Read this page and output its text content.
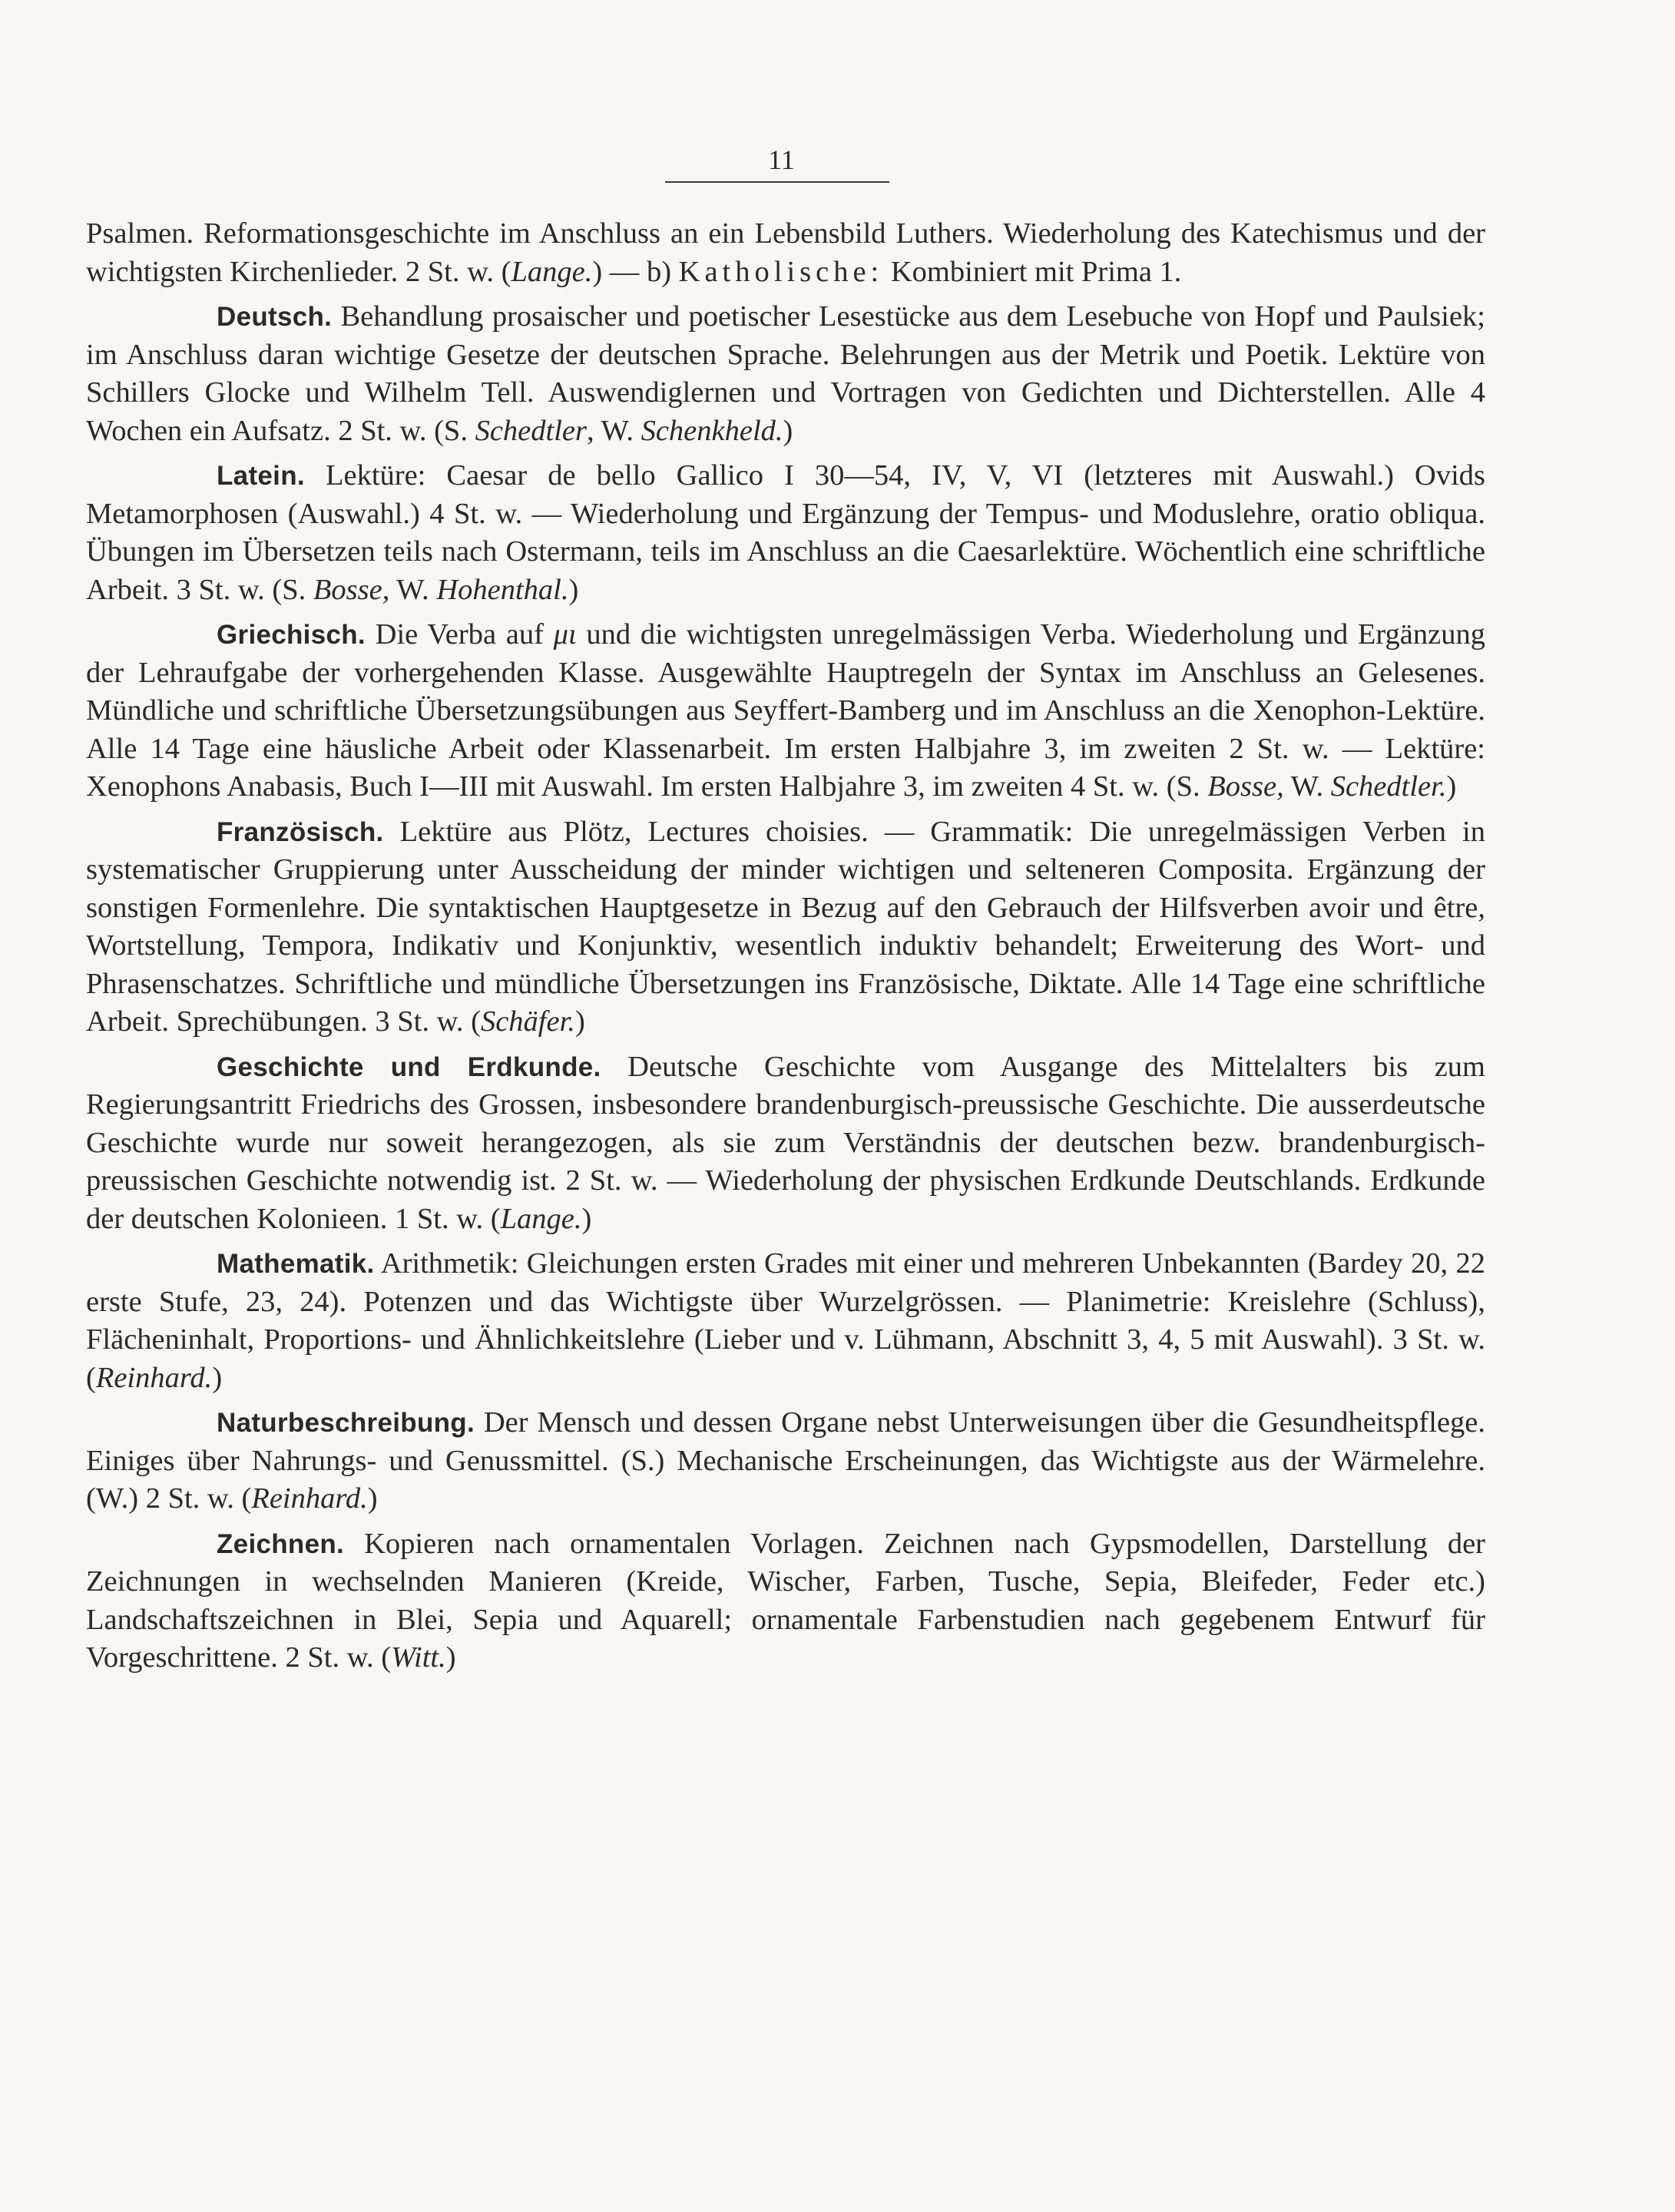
11

Psalmen. Reformationsgeschichte im Anschluss an ein Lebensbild Luthers. Wiederholung des Katechismus und der wichtigsten Kirchenlieder. 2 St. w. (Lange.) — b) Katholische: Kombiniert mit Prima 1.

Deutsch. Behandlung prosaischer und poetischer Lesestücke aus dem Lesebuche von Hopf und Paulsiek; im Anschluss daran wichtige Gesetze der deutschen Sprache. Belehrungen aus der Metrik und Poetik. Lektüre von Schillers Glocke und Wilhelm Tell. Auswendiglernen und Vortragen von Gedichten und Dichterstellen. Alle 4 Wochen ein Aufsatz. 2 St. w. (S. Schedtler, W. Schenkheld.)

Latein. Lektüre: Caesar de bello Gallico I 30—54, IV, V, VI (letzteres mit Auswahl.) Ovids Metamorphosen (Auswahl.) 4 St. w. — Wiederholung und Ergänzung der Tempus- und Moduslehre, oratio obliqua. Übungen im Übersetzen teils nach Ostermann, teils im Anschluss an die Caesarlektüre. Wöchentlich eine schriftliche Arbeit. 3 St. w. (S. Bosse, W. Hohenthal.)

Griechisch. Die Verba auf μι und die wichtigsten unregelmässigen Verba. Wiederholung und Ergänzung der Lehraufgabe der vorhergehenden Klasse. Ausgewählte Hauptregeln der Syntax im Anschluss an Gelesenes. Mündliche und schriftliche Übersetzungsübungen aus Seyffert-Bamberg und im Anschluss an die Xenophon-Lektüre. Alle 14 Tage eine häusliche Arbeit oder Klassenarbeit. Im ersten Halbjahre 3, im zweiten 2 St. w. — Lektüre: Xenophons Anabasis, Buch I—III mit Auswahl. Im ersten Halbjahre 3, im zweiten 4 St. w. (S. Bosse, W. Schedtler.)

Französisch. Lektüre aus Plötz, Lectures choisies. — Grammatik: Die unregelmässigen Verben in systematischer Gruppierung unter Ausscheidung der minder wichtigen und selteneren Composita. Ergänzung der sonstigen Formenlehre. Die syntaktischen Hauptgesetze in Bezug auf den Gebrauch der Hilfsverben avoir und être, Wortstellung, Tempora, Indikativ und Konjunktiv, wesentlich induktiv behandelt; Erweiterung des Wort- und Phrasenschatzes. Schriftliche und mündliche Übersetzungen ins Französische, Diktate. Alle 14 Tage eine schriftliche Arbeit. Sprechübungen. 3 St. w. (Schäfer.)

Geschichte und Erdkunde. Deutsche Geschichte vom Ausgange des Mittelalters bis zum Regierungsantritt Friedrichs des Grossen, insbesondere brandenburgisch-preussische Geschichte. Die ausserdeutsche Geschichte wurde nur soweit herangezogen, als sie zum Verständnis der deutschen bezw. brandenburgisch-preussischen Geschichte notwendig ist. 2 St. w. — Wiederholung der physischen Erdkunde Deutschlands. Erdkunde der deutschen Kolonieen. 1 St. w. (Lange.)

Mathematik. Arithmetik: Gleichungen ersten Grades mit einer und mehreren Unbekannten (Bardey 20, 22 erste Stufe, 23, 24). Potenzen und das Wichtigste über Wurzelgrössen. — Planimetrie: Kreislehre (Schluss), Flächeninhalt, Proportions- und Ähnlichkeitslehre (Lieber und v. Lühmann, Abschnitt 3, 4, 5 mit Auswahl). 3 St. w. (Reinhard.)

Naturbeschreibung. Der Mensch und dessen Organe nebst Unterweisungen über die Gesundheitspflege. Einiges über Nahrungs- und Genussmittel. (S.) Mechanische Erscheinungen, das Wichtigste aus der Wärmelehre. (W.) 2 St. w. (Reinhard.)

Zeichnen. Kopieren nach ornamentalen Vorlagen. Zeichnen nach Gypsmodellen, Darstellung der Zeichnungen in wechselnden Manieren (Kreide, Wischer, Farben, Tusche, Sepia, Bleifeder, Feder etc.) Landschaftszeichnen in Blei, Sepia und Aquarell; ornamentale Farbenstudien nach gegebenem Entwurf für Vorgeschrittene. 2 St. w. (Witt.)
